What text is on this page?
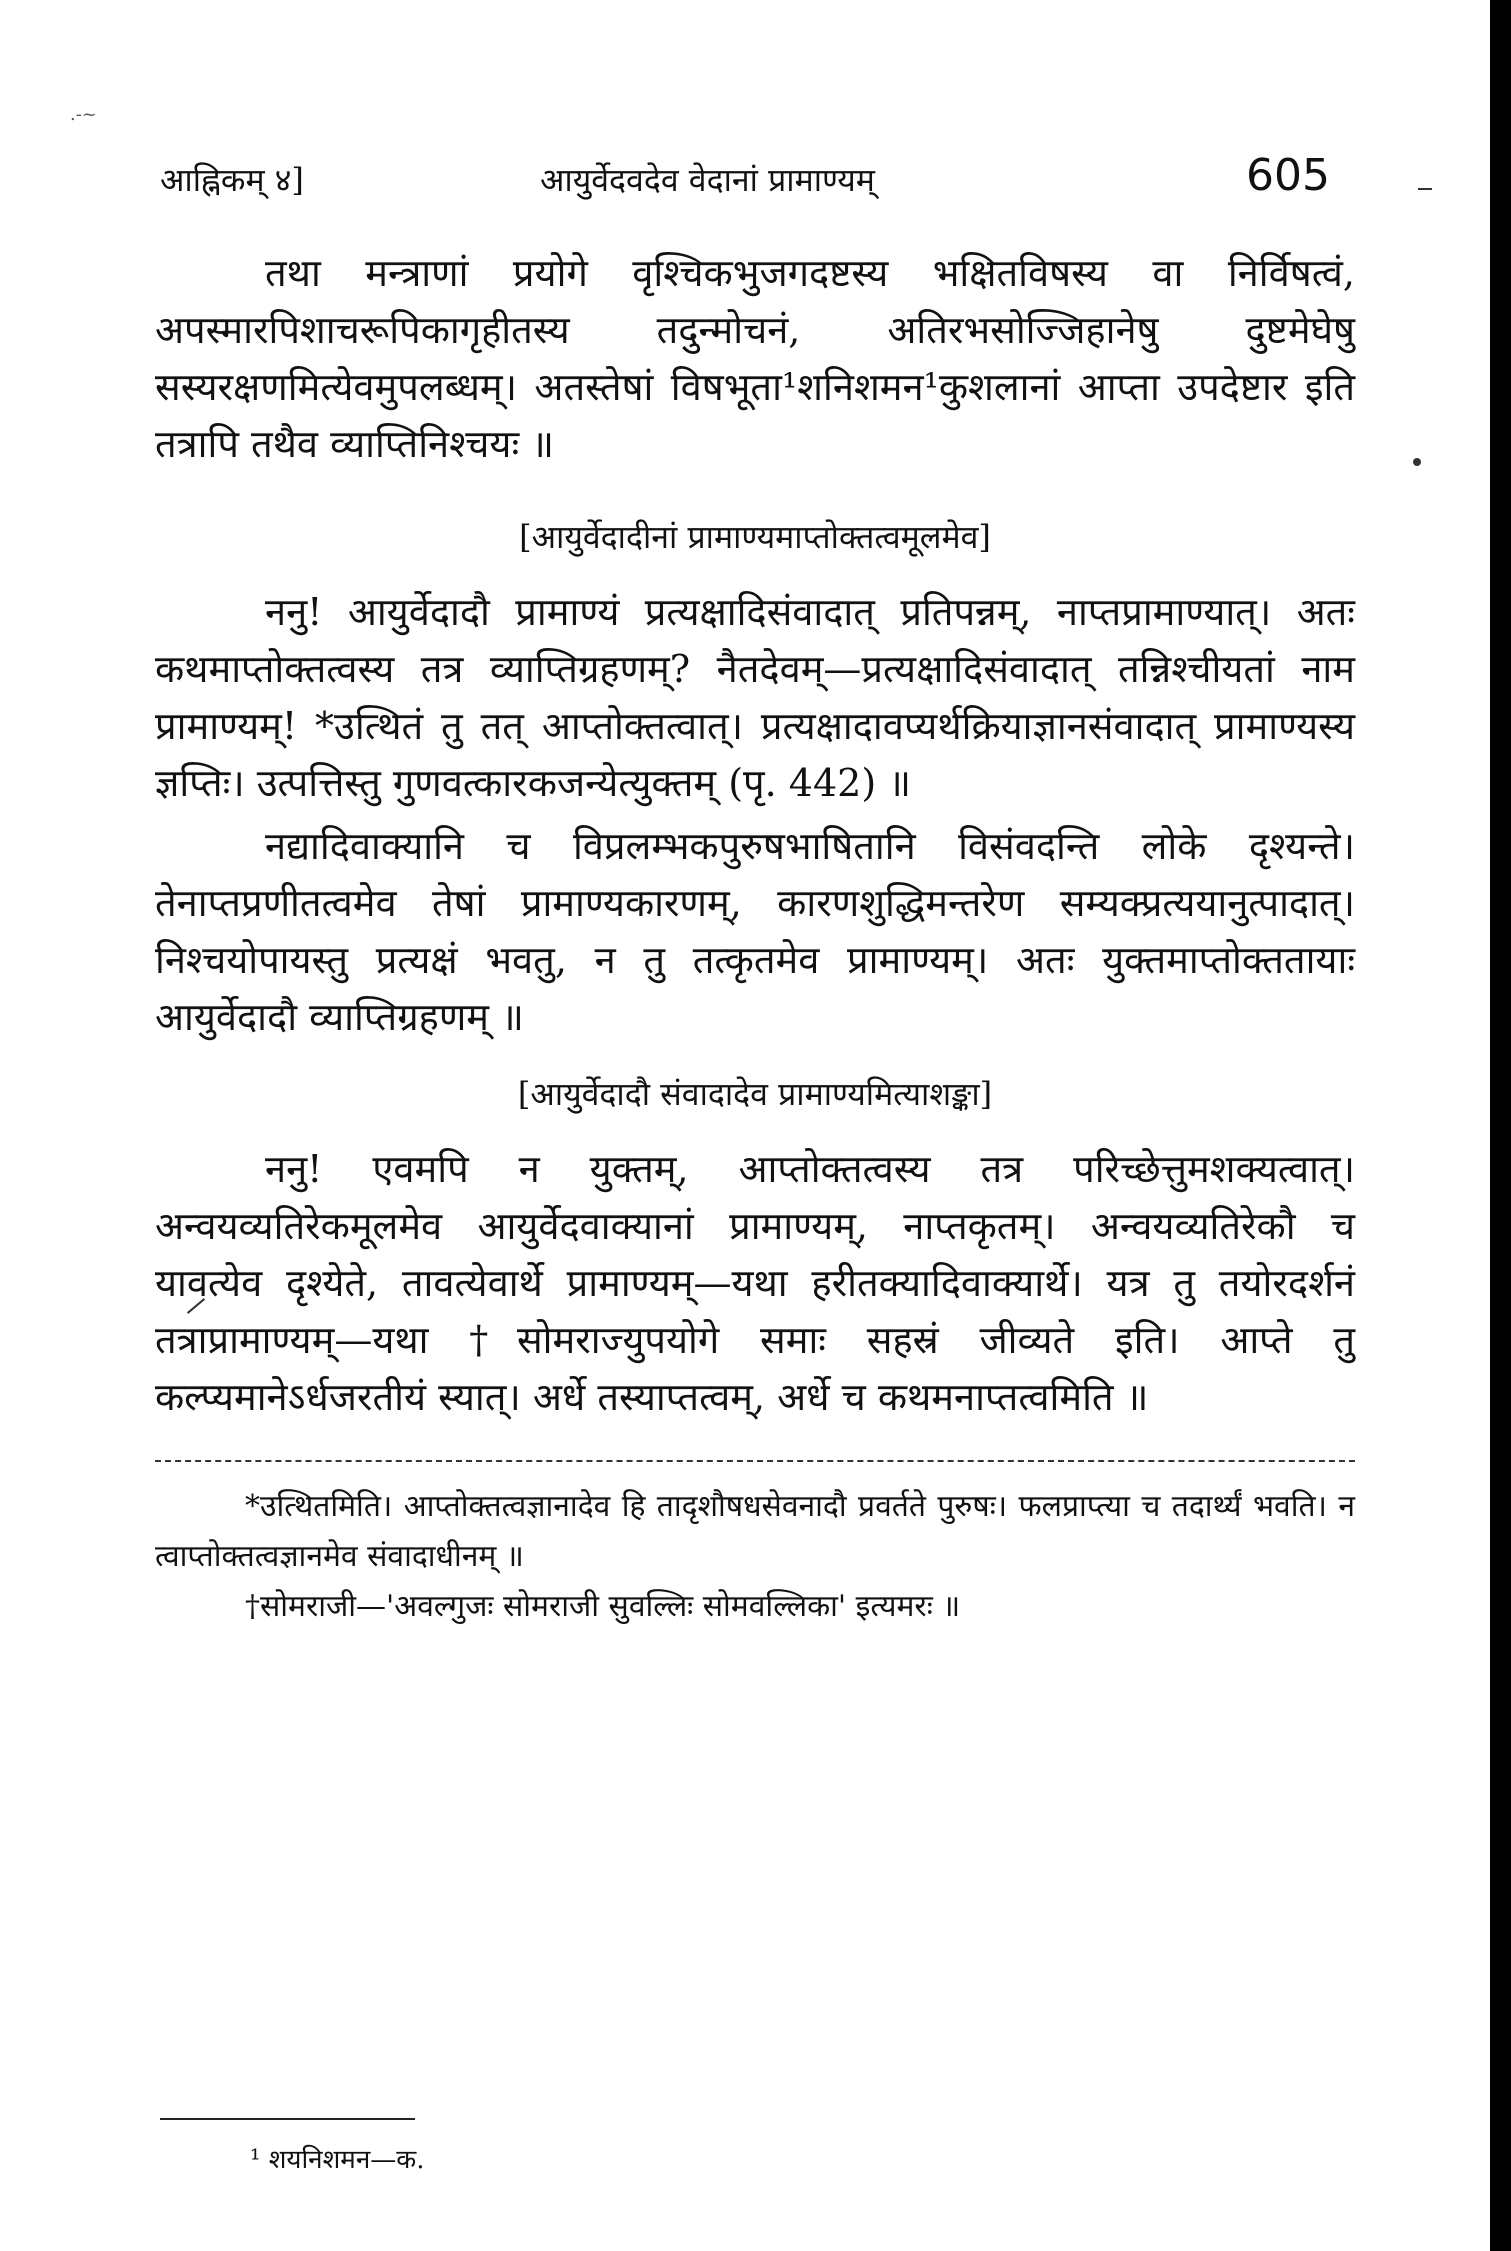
.-~
आह्निकम् ४]	आयुर्वेदवदेव वेदानां प्रामाण्यम्	605

तथा मन्त्राणां प्रयोगे वृश्चिकभुजगदष्टस्य भक्षितविषस्य वा निर्विषत्वं, अपस्मारपिशाचरूपिकागृहीतस्य तदुन्मोचनं, अतिरभसोज्जिहानेषु दुष्टमेघेषु सस्यरक्षणमित्येवमुपलब्धम्। अतस्तेषां विषभूता¹शनिशमन¹कुशलानां आप्ता उपदेष्टार इति तत्रापि तथैव व्याप्तिनिश्चयः ॥

[आयुर्वेदादीनां प्रामाण्यमाप्तोक्तत्वमूलमेव]

ननु! आयुर्वेदादौ प्रामाण्यं प्रत्यक्षादिसंवादात् प्रतिपन्नम्, नाप्तप्रामाण्यात्। अतः कथमाप्तोक्तत्वस्य तत्र व्याप्तिग्रहणम्? नैतदेवम्—प्रत्यक्षादिसंवादात् तन्निश्चीयतां नाम प्रामाण्यम्! *उत्थितं तु तत् आप्तोक्तत्वात्। प्रत्यक्षादावप्यर्थक्रियाज्ञानसंवादात् प्रामाण्यस्य ज्ञप्तिः। उत्पत्तिस्तु गुणवत्कारकजन्येत्युक्तम् (पृ. 442) ॥

नद्यादिवाक्यानि च विप्रलम्भकपुरुषभाषितानि विसंवदन्ति लोके दृश्यन्ते। तेनाप्तप्रणीतत्वमेव तेषां प्रामाण्यकारणम्, कारणशुद्धिमन्तरेण सम्यक्प्रत्ययानुत्पादात्। निश्चयोपायस्तु प्रत्यक्षं भवतु, न तु तत्कृतमेव प्रामाण्यम्। अतः युक्तमाप्तोक्ततायाः आयुर्वेदादौ व्याप्तिग्रहणम् ॥

[आयुर्वेदादौ संवादादेव प्रामाण्यमित्याशङ्का]

ननु! एवमपि न युक्तम्, आप्तोक्तत्वस्य तत्र परिच्छेत्तुमशक्यत्वात्। अन्वयव्यतिरेकमूलमेव आयुर्वेदवाक्यानां प्रामाण्यम्, नाप्तकृतम्। अन्वयव्यतिरेकौ च यावत्येव दृश्येते, तावत्येवार्थे प्रामाण्यम्—यथा हरीतक्यादिवाक्यार्थे। यत्र तु तयोरदर्शनं तत्राप्रामाण्यम्—यथा †सोमराज्युपयोगे समाः सहस्रं जीव्यते इति। आप्ते तु कल्प्यमानेऽर्धजरतीयं स्यात्। अर्धे तस्याप्तत्वम्, अर्धे च कथमनाप्तत्वमिति ॥

*उत्थितमिति। आप्तोक्तत्वज्ञानादेव हि तादृशौषधसेवनादौ प्रवर्तते पुरुषः। फलप्राप्त्या च तदार्थ्यं भवति। न त्वाप्तोक्तत्वज्ञानमेव संवादाधीनम् ॥

†सोमराजी—'अवल्गुजः सोमराजी सुवल्लिः सोमवल्लिका' इत्यमरः ॥

¹ शयनिशमन—क.
